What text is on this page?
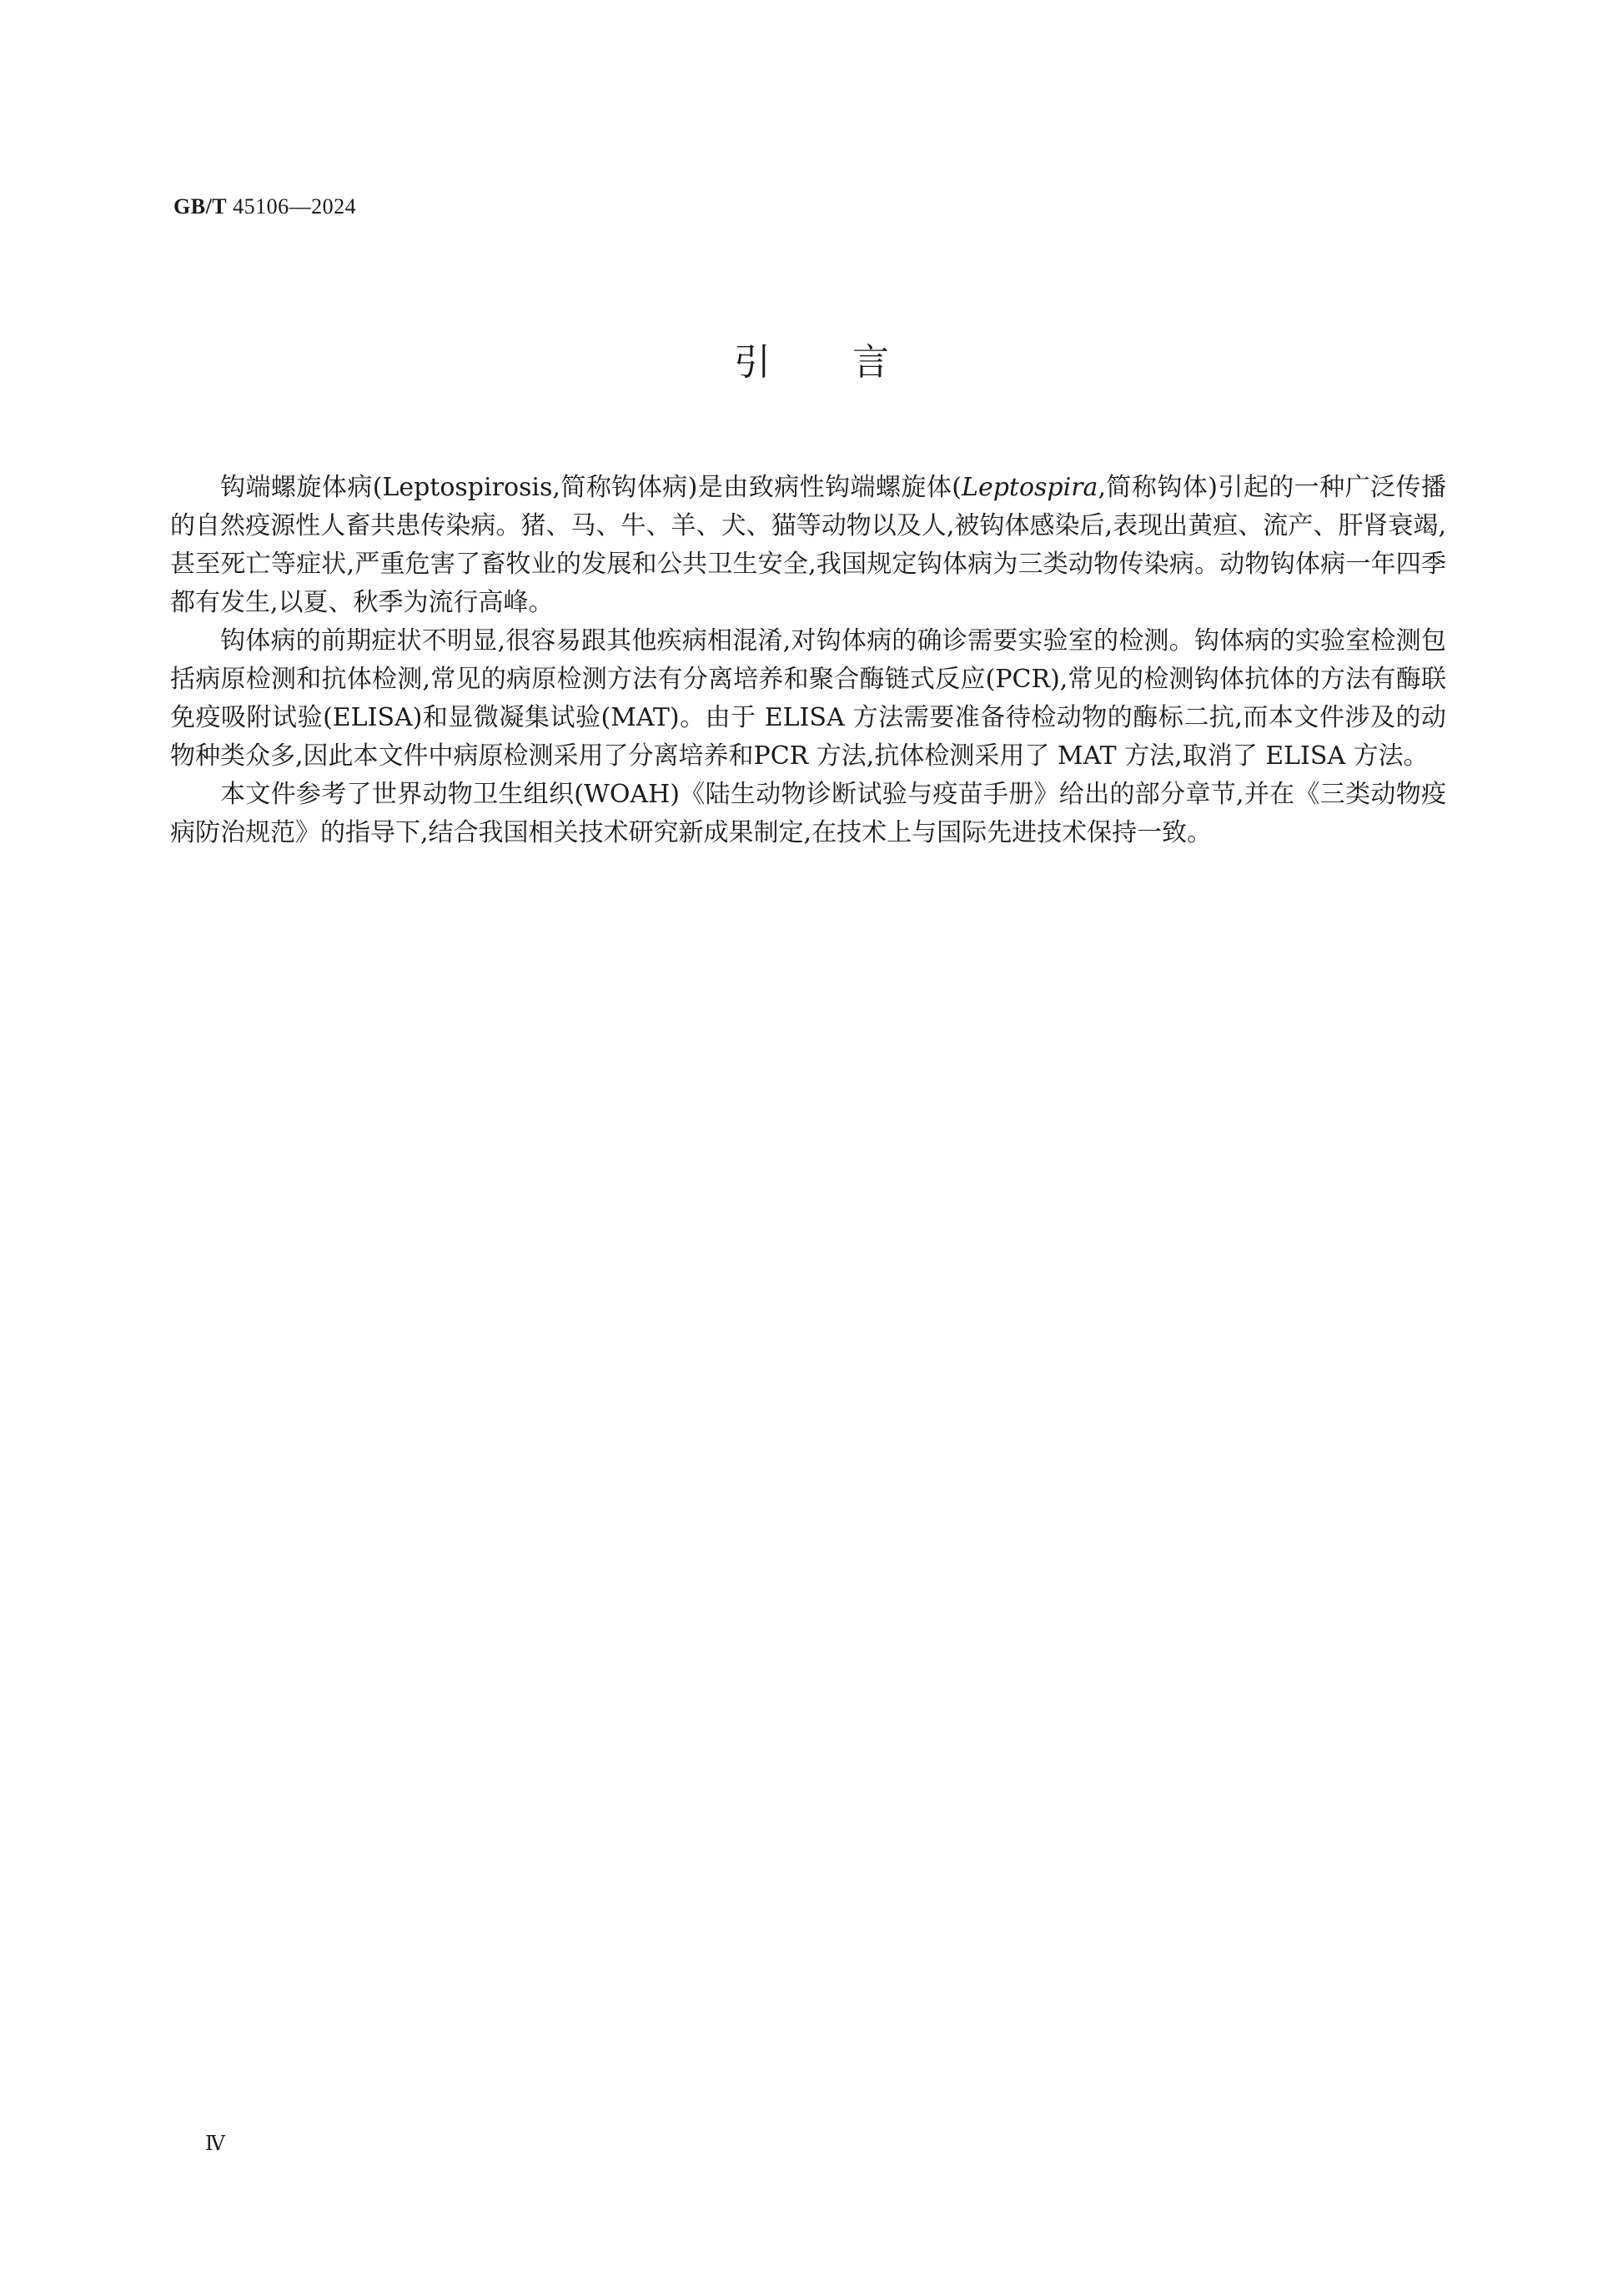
GB/T 45106—2024
引言

钩端螺旋体病(Leptospirosis,简称钩体病)是由致病性钩端螺旋体(Leptospira,简称钩体)引起的一种广泛传播的自然疫源性人畜共患传染病。猪、马、牛、羊、犬、猫等动物以及人,被钩体感染后,表现出黄疸、流产、肝肾衰竭,甚至死亡等症状,严重危害了畜牧业的发展和公共卫生安全,我国规定钩体病为三类动物传染病。动物钩体病一年四季都有发生,以夏、秋季为流行高峰。

钩体病的前期症状不明显,很容易跟其他疾病相混淆,对钩体病的确诊需要实验室的检测。钩体病的实验室检测包括病原检测和抗体检测,常见的病原检测方法有分离培养和聚合酶链式反应(PCR),常见的检测钩体抗体的方法有酶联免疫吸附试验(ELISA)和显微凝集试验(MAT)。由于 ELISA 方法需要准备待检动物的酶标二抗,而本文件涉及的动物种类众多,因此本文件中病原检测采用了分离培养和PCR 方法,抗体检测采用了 MAT 方法,取消了 ELISA 方法。

本文件参考了世界动物卫生组织(WOAH)《陆生动物诊断试验与疫苗手册》给出的部分章节,并在《三类动物疫病防治规范》的指导下,结合我国相关技术研究新成果制定,在技术上与国际先进技术保持一致。

Ⅳ
